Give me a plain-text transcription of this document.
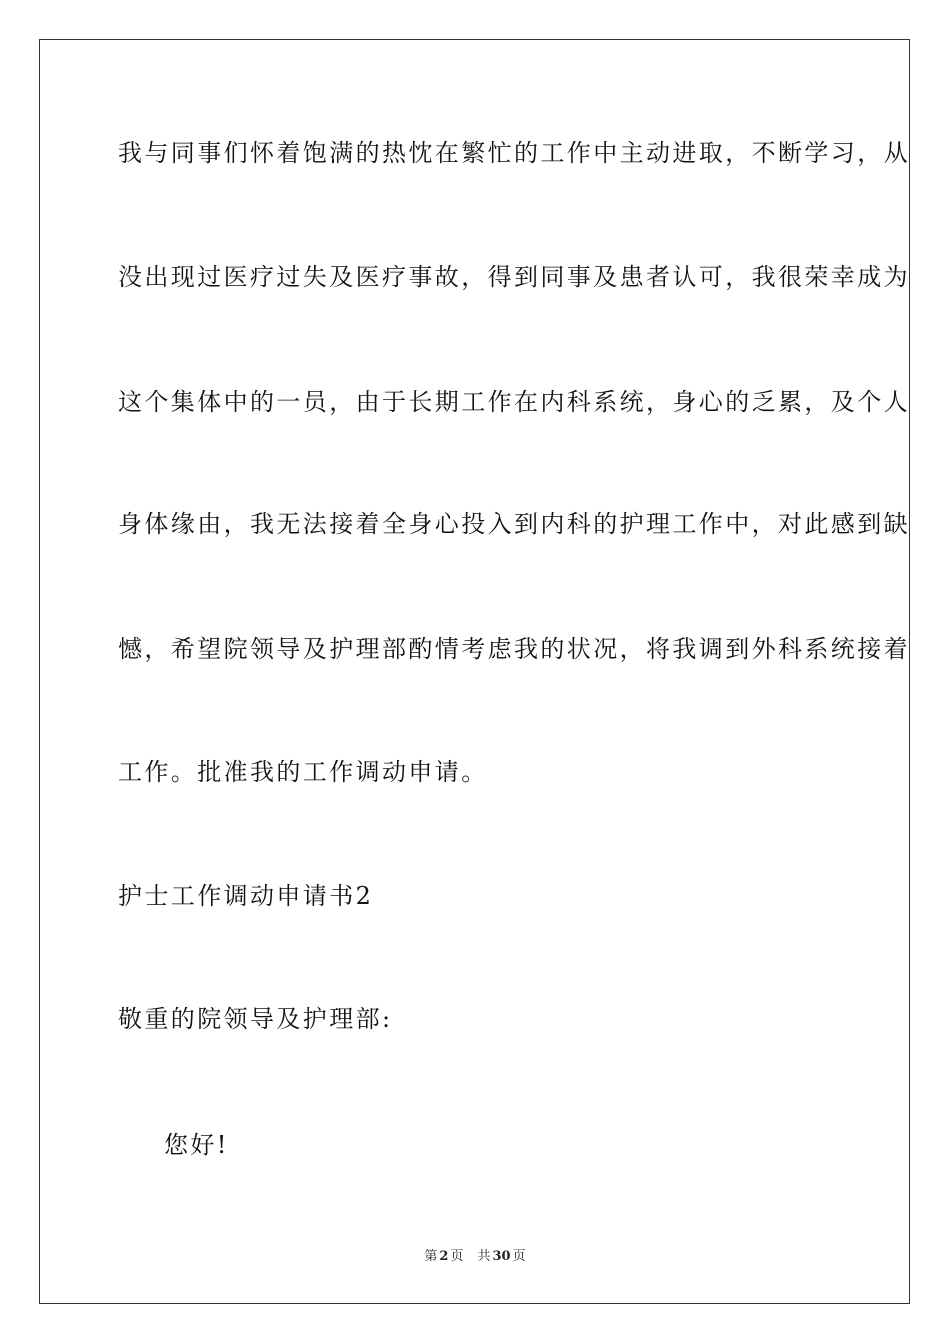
我与同事们怀着饱满的热忱在繁忙的工作中主动进取，不断学习，从
没出现过医疗过失及医疗事故，得到同事及患者认可，我很荣幸成为
这个集体中的一员，由于长期工作在内科系统，身心的乏累，及个人
身体缘由，我无法接着全身心投入到内科的护理工作中，对此感到缺
憾，希望院领导及护理部酌情考虑我的状况，将我调到外科系统接着
工作。批准我的工作调动申请。
护士工作调动申请书2
敬重的院领导及护理部:
您好!
第 2 页 共 30 页
